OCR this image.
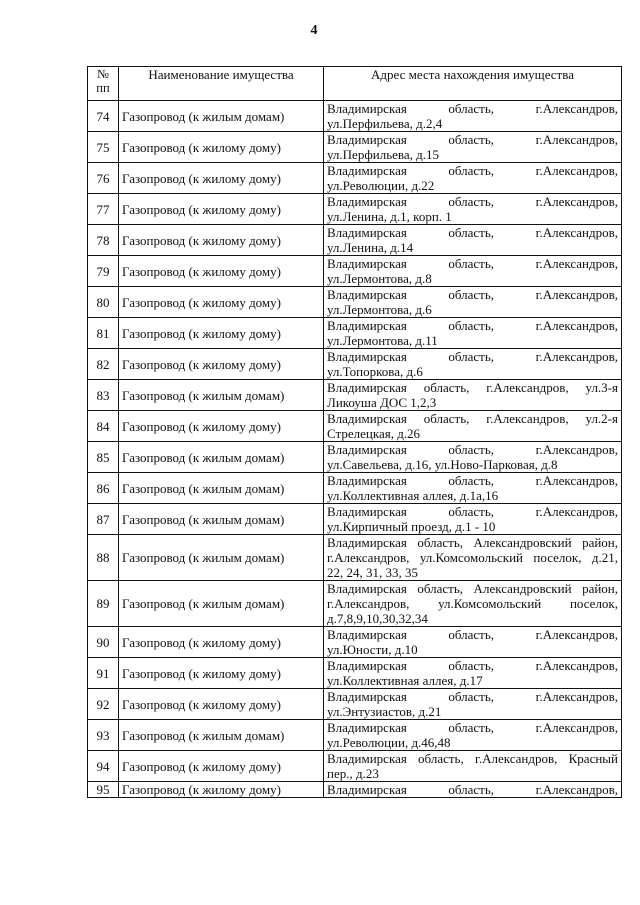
4
№ пп	Наименование имущества	Адрес места нахождения имущества
74	Газопровод (к жилым домам)	Владимирская область, г.Александров,
ул.Перфильева, д.2,4

75	Газопровод (к жилому дому)	Владимирская область, г.Александров,
ул.Перфильева, д.15

76	Газопровод (к жилому дому)	Владимирская область, г.Александров,
ул.Революции, д.22

77	Газопровод (к жилому дому)	Владимирская область, г.Александров,
ул.Ленина, д.1, корп. 1

78	Газопровод (к жилому дому)	Владимирская область, г.Александров,
ул.Ленина, д.14

79	Газопровод (к жилому дому)	Владимирская область, г.Александров,
ул.Лермонтова, д.8

80	Газопровод (к жилому дому)	Владимирская область, г.Александров,
ул.Лермонтова, д.6

81	Газопровод (к жилому дому)	Владимирская область, г.Александров,
ул.Лермонтова, д.11

82	Газопровод (к жилому дому)	Владимирская область, г.Александров,
ул.Топоркова, д.6

83	Газопровод (к жилым домам)	Владимирская область, г.Александров, ул.3-я
Ликоуша ДОС 1,2,3

84	Газопровод (к жилому дому)	Владимирская область, г.Александров, ул.2-я
Стрелецкая, д.26

85	Газопровод (к жилым домам)	Владимирская область, г.Александров,
ул.Савельева, д.16, ул.Ново-Парковая, д.8

86	Газопровод (к жилым домам)	Владимирская область, г.Александров,
ул.Коллективная аллея, д.1а,16

87	Газопровод (к жилым домам)	Владимирская область, г.Александров,
ул.Кирпичный проезд, д.1 - 10

88	Газопровод (к жилым домам)	Владимирская область, Александровский район,
г.Александров, ул.Комсомольский поселок, д.21,
22, 24, 31, 33, 35

89	Газопровод (к жилым домам)	Владимирская область, Александровский район,
г.Александров, ул.Комсомольский поселок,
д.7,8,9,10,30,32,34

90	Газопровод (к жилому дому)	Владимирская область, г.Александров,
ул.Юности, д.10

91	Газопровод (к жилому дому)	Владимирская область, г.Александров,
ул.Коллективная аллея, д.17

92	Газопровод (к жилому дому)	Владимирская область, г.Александров,
ул.Энтузиастов, д.21

93	Газопровод (к жилым домам)	Владимирская область, г.Александров,
ул.Революции, д.46,48

94	Газопровод (к жилому дому)	Владимирская область, г.Александров, Красный
пер., д.23

95	Газопровод (к жилому дому)	Владимирская область, г.Александров,
